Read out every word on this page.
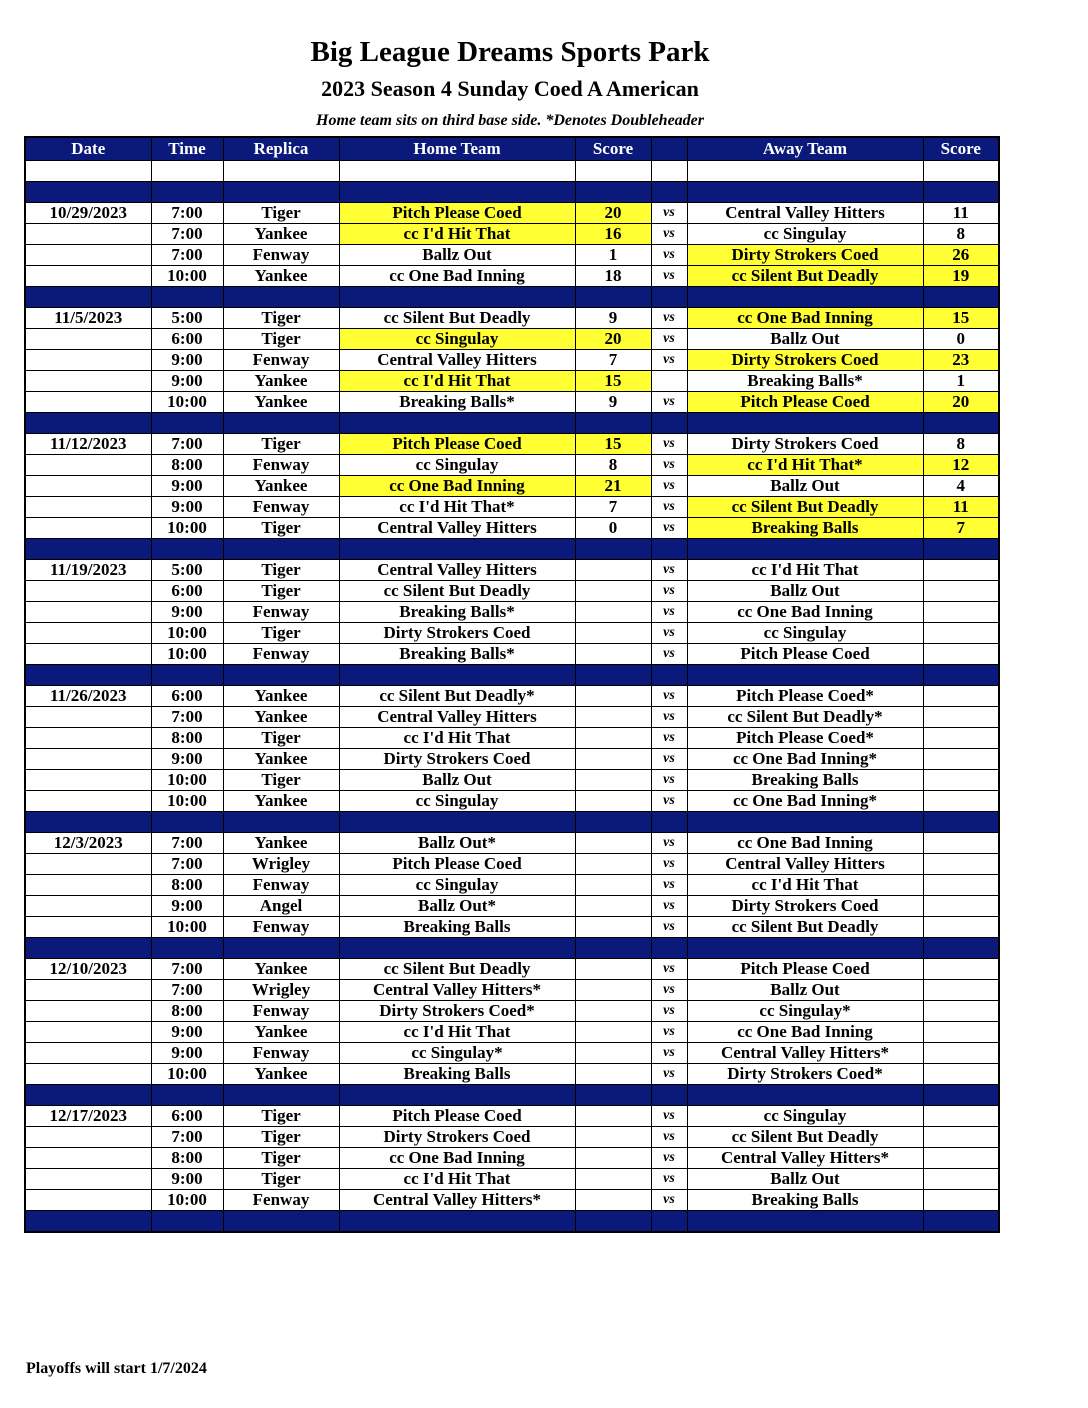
Big League Dreams Sports Park
2023 Season 4 Sunday Coed A American
Home team sits on third base side. *Denotes Doubleheader
Date	Time	Replica	Home Team	Score		Away Team	Score

10/29/2023	7:00	Tiger	Pitch Please Coed	20	vs	Central Valley Hitters	11
	7:00	Yankee	cc I'd Hit That	16	vs	cc Singulay	8
	7:00	Fenway	Ballz Out	1	vs	Dirty Strokers Coed	26
	10:00	Yankee	cc One Bad Inning	18	vs	cc Silent But Deadly	19

11/5/2023	5:00	Tiger	cc Silent But Deadly	9	vs	cc One Bad Inning	15
	6:00	Tiger	cc Singulay	20	vs	Ballz Out	0
	9:00	Fenway	Central Valley Hitters	7	vs	Dirty Strokers Coed	23
	9:00	Yankee	cc I'd Hit That	15		Breaking Balls*	1
	10:00	Yankee	Breaking Balls*	9	vs	Pitch Please Coed	20

11/12/2023	7:00	Tiger	Pitch Please Coed	15	vs	Dirty Strokers Coed	8
	8:00	Fenway	cc Singulay	8	vs	cc I'd Hit That*	12
	9:00	Yankee	cc One Bad Inning	21	vs	Ballz Out	4
	9:00	Fenway	cc I'd Hit That*	7	vs	cc Silent But Deadly	11
	10:00	Tiger	Central Valley Hitters	0	vs	Breaking Balls	7

11/19/2023	5:00	Tiger	Central Valley Hitters		vs	cc I'd Hit That	
	6:00	Tiger	cc Silent But Deadly		vs	Ballz Out	
	9:00	Fenway	Breaking Balls*		vs	cc One Bad Inning	
	10:00	Tiger	Dirty Strokers Coed		vs	cc Singulay	
	10:00	Fenway	Breaking Balls*		vs	Pitch Please Coed	

11/26/2023	6:00	Yankee	cc Silent But Deadly*		vs	Pitch Please Coed*	
	7:00	Yankee	Central Valley Hitters		vs	cc Silent But Deadly*	
	8:00	Tiger	cc I'd Hit That		vs	Pitch Please Coed*	
	9:00	Yankee	Dirty Strokers Coed		vs	cc One Bad Inning*	
	10:00	Tiger	Ballz Out		vs	Breaking Balls	
	10:00	Yankee	cc Singulay		vs	cc One Bad Inning*	

12/3/2023	7:00	Yankee	Ballz Out*		vs	cc One Bad Inning	
	7:00	Wrigley	Pitch Please Coed		vs	Central Valley Hitters	
	8:00	Fenway	cc Singulay		vs	cc I'd Hit That	
	9:00	Angel	Ballz Out*		vs	Dirty Strokers Coed	
	10:00	Fenway	Breaking Balls		vs	cc Silent But Deadly	

12/10/2023	7:00	Yankee	cc Silent But Deadly		vs	Pitch Please Coed	
	7:00	Wrigley	Central Valley Hitters*		vs	Ballz Out	
	8:00	Fenway	Dirty Strokers Coed*		vs	cc Singulay*	
	9:00	Yankee	cc I'd Hit That		vs	cc One Bad Inning	
	9:00	Fenway	cc Singulay*		vs	Central Valley Hitters*	
	10:00	Yankee	Breaking Balls		vs	Dirty Strokers Coed*	

12/17/2023	6:00	Tiger	Pitch Please Coed		vs	cc Singulay	
	7:00	Tiger	Dirty Strokers Coed		vs	cc Silent But Deadly	
	8:00	Tiger	cc One Bad Inning		vs	Central Valley Hitters*	
	9:00	Tiger	cc I'd Hit That		vs	Ballz Out	
	10:00	Fenway	Central Valley Hitters*		vs	Breaking Balls	

Playoffs will start 1/7/2024
